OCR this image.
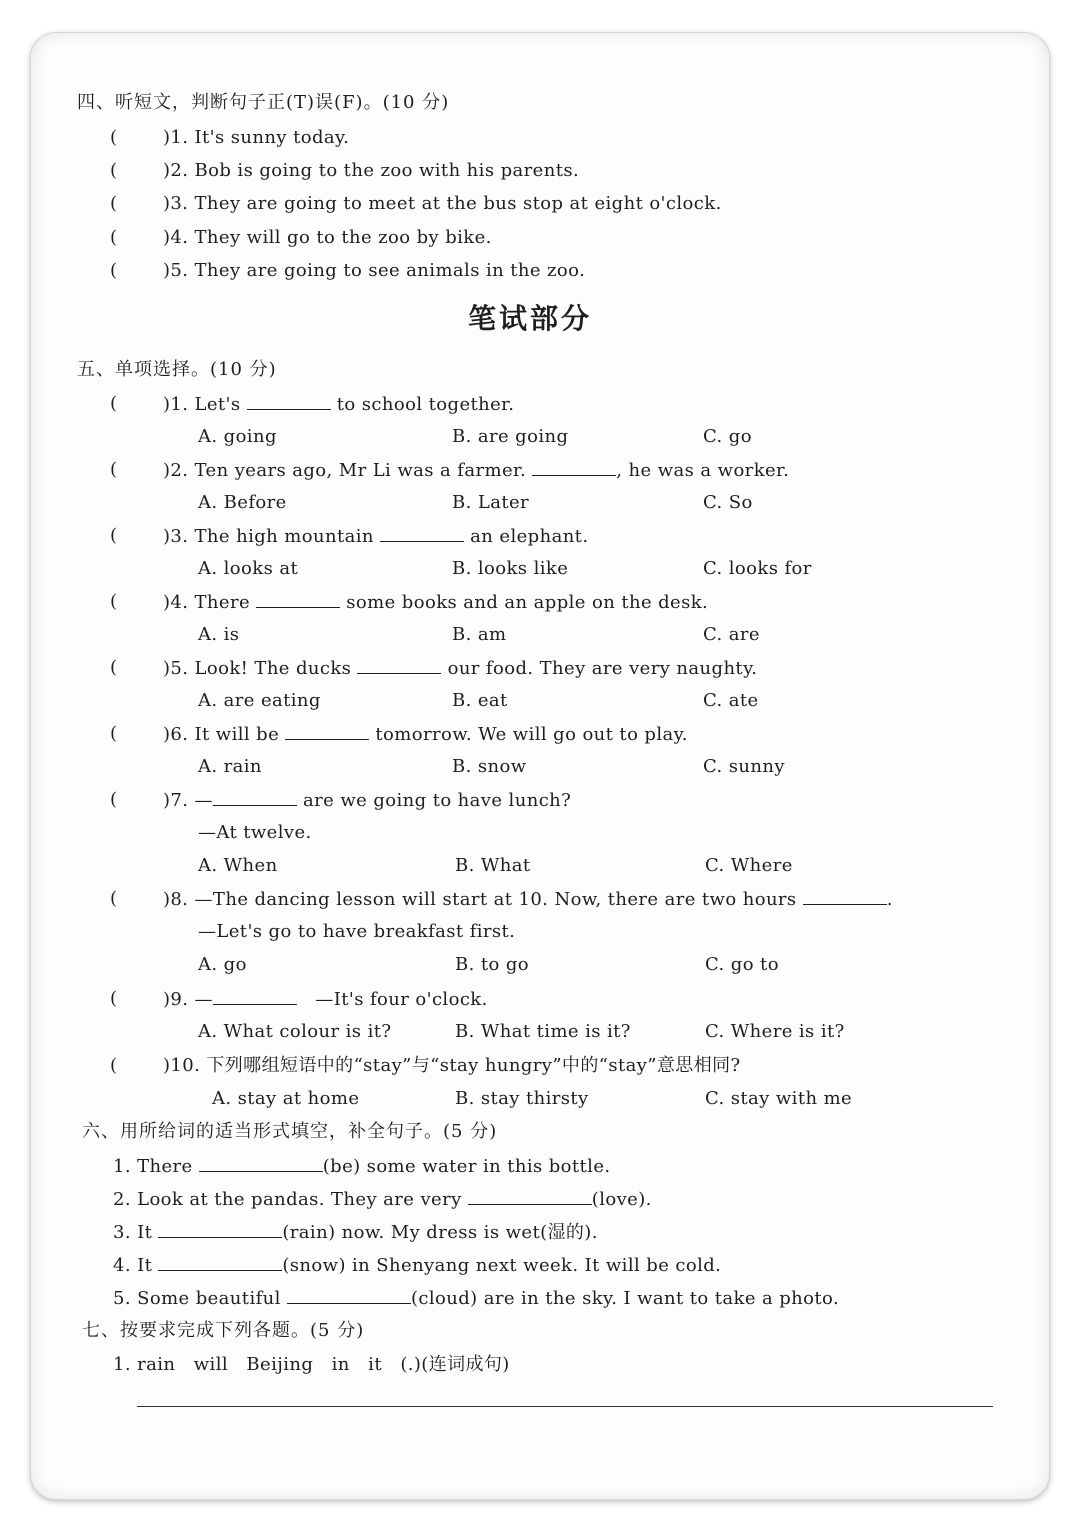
四、听短文，判断句子正(T)误(F)。(10 分)
(	)1. It's sunny today.
(	)2. Bob is going to the zoo with his parents.
(	)3. They are going to meet at the bus stop at eight o'clock.
(	)4. They will go to the zoo by bike.
(	)5. They are going to see animals in the zoo.
笔试部分
五、单项选择。(10 分)
(	)1. Let's	to school together.
A. going	B. are going	C. go
(	)2. Ten years ago, Mr Li was a farmer.	, he was a worker.
A. Before	B. Later	C. So
(	)3. The high mountain	an elephant.
A. looks at	B. looks like	C. looks for
(	)4. There	some books and an apple on the desk.
A. is	B. am	C. are
(	)5. Look! The ducks	our food. They are very naughty.
A. are eating	B. eat	C. ate
(	)6. It will be	tomorrow. We will go out to play.
A. rain	B. snow	C. sunny
(	)7. —	are we going to have lunch?
—At twelve.
A. When	B. What	C. Where
(	)8. —The dancing lesson will start at 10. Now, there are two hours	.
—Let's go to have breakfast first.
A. go	B. to go	C. go to
(	)9. —	—It's four o'clock.
A. What colour is it?	B. What time is it?	C. Where is it?
(	)10. 下列哪组短语中的“stay”与“stay hungry”中的“stay”意思相同?
A. stay at home	B. stay thirsty	C. stay with me
六、用所给词的适当形式填空，补全句子。(5 分)
1. There	(be) some water in this bottle.
2. Look at the pandas. They are very	(love).
3. It	(rain) now. My dress is wet(湿的).
4. It	(snow) in Shenyang next week. It will be cold.
5. Some beautiful	(cloud) are in the sky. I want to take a photo.
七、按要求完成下列各题。(5 分)
1. rain   will   Beijing   in   it   (.)(连词成句)
